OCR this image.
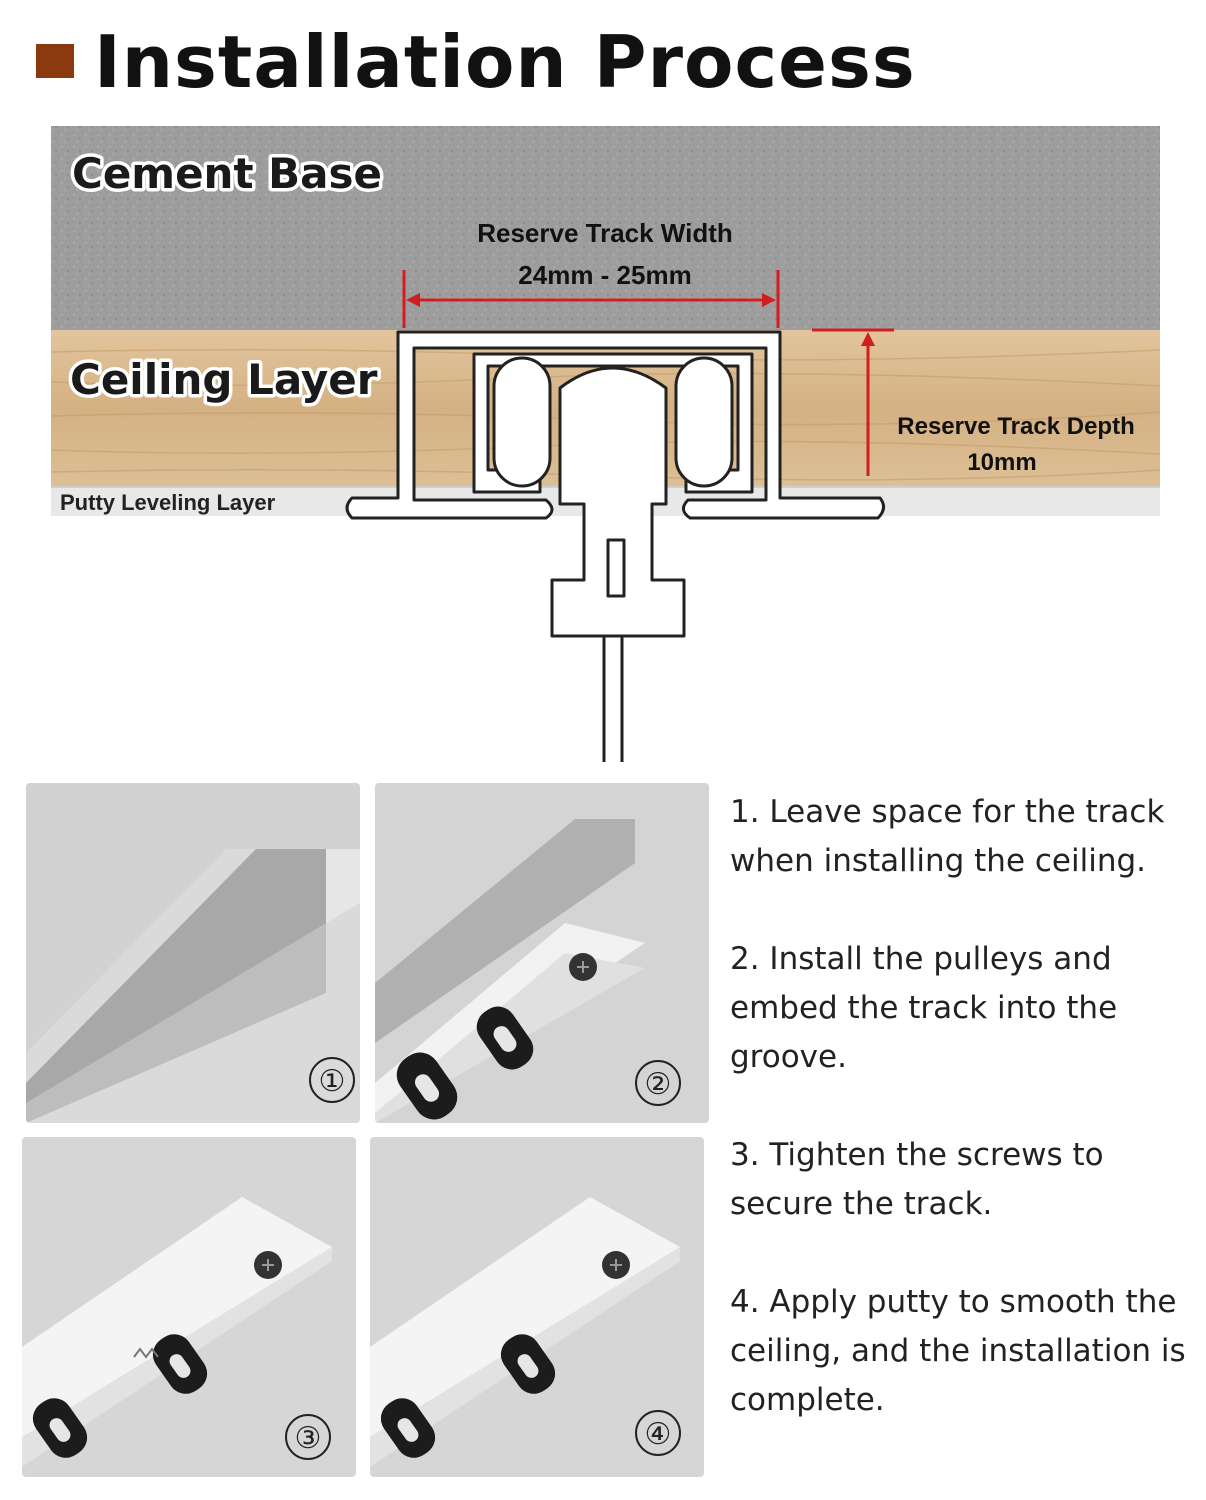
Installation Process
Cement Base
Ceiling Layer
Putty Leveling Layer
Reserve Track Width
24mm - 25mm
Reserve Track Depth
10mm
①	②
③	④

1. Leave space for the track when installing the ceiling.

2. Install the pulleys and embed the track into the groove.

3. Tighten the screws to secure the track.

4. Apply putty to smooth the ceiling, and the installation is complete.
